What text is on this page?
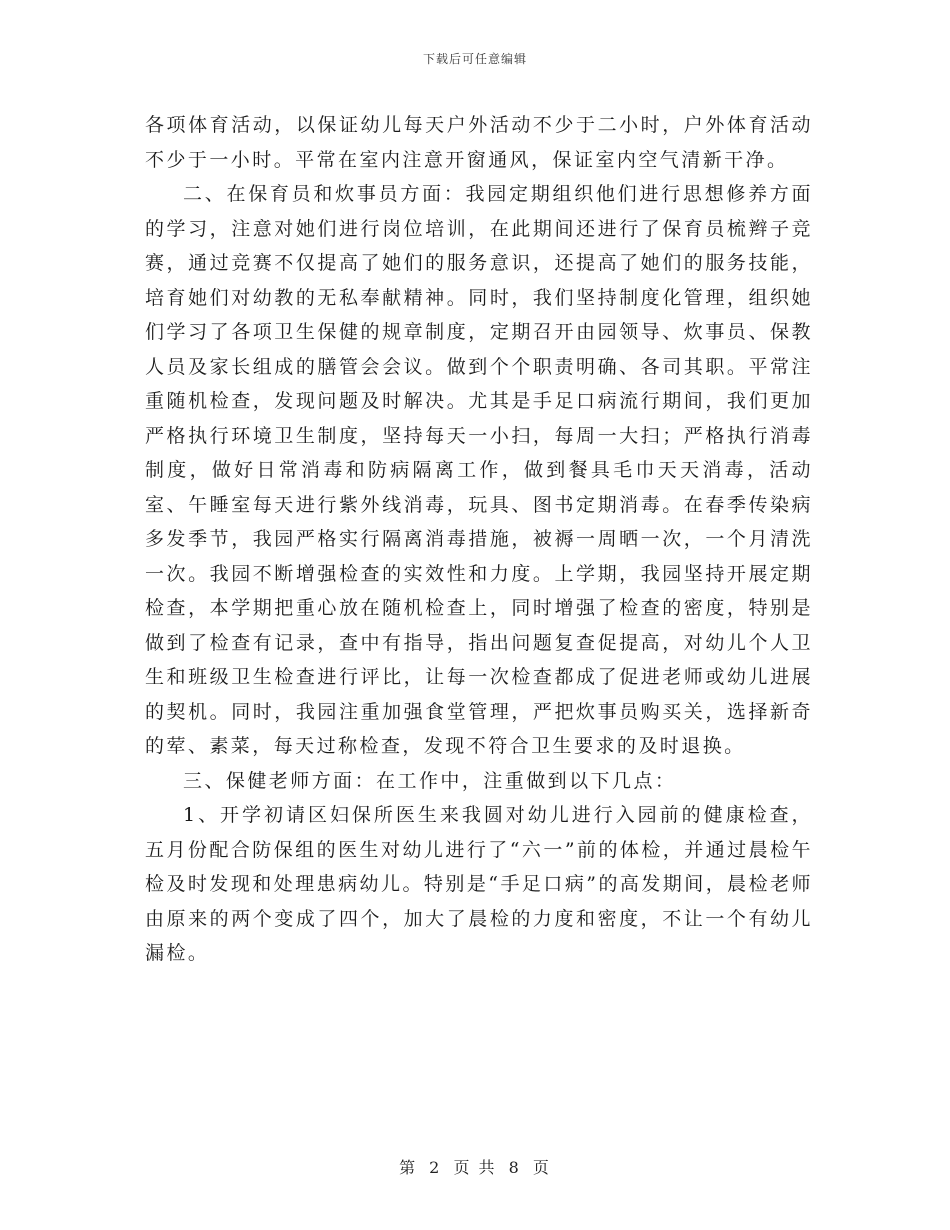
下载后可任意编辑

各项体育活动，以保证幼儿每天户外活动不少于二小时，户外体育活动不少于一小时。平常在室内注意开窗通风，保证室内空气清新干净。

二、在保育员和炊事员方面：我园定期组织他们进行思想修养方面的学习，注意对她们进行岗位培训，在此期间还进行了保育员梳辫子竞赛，通过竞赛不仅提高了她们的服务意识，还提高了她们的服务技能，培育她们对幼教的无私奉献精神。同时，我们坚持制度化管理，组织她们学习了各项卫生保健的规章制度，定期召开由园领导、炊事员、保教人员及家长组成的膳管会会议。做到个个职责明确、各司其职。平常注重随机检查，发现问题及时解决。尤其是手足口病流行期间，我们更加严格执行环境卫生制度，坚持每天一小扫，每周一大扫；严格执行消毒制度，做好日常消毒和防病隔离工作，做到餐具毛巾天天消毒，活动室、午睡室每天进行紫外线消毒，玩具、图书定期消毒。在春季传染病多发季节，我园严格实行隔离消毒措施，被褥一周晒一次，一个月清洗一次。我园不断增强检查的实效性和力度。上学期，我园坚持开展定期检查，本学期把重心放在随机检查上，同时增强了检查的密度，特别是做到了检查有记录，查中有指导，指出问题复查促提高，对幼儿个人卫生和班级卫生检查进行评比，让每一次检查都成了促进老师或幼儿进展的契机。同时，我园注重加强食堂管理，严把炊事员购买关，选择新奇的荤、素菜，每天过称检查，发现不符合卫生要求的及时退换。

三、保健老师方面：在工作中，注重做到以下几点：

1、开学初请区妇保所医生来我圆对幼儿进行入园前的健康检查，五月份配合防保组的医生对幼儿进行了“六一”前的体检，并通过晨检午检及时发现和处理患病幼儿。特别是“手足口病”的高发期间，晨检老师由原来的两个变成了四个，加大了晨检的力度和密度，不让一个有幼儿漏检。

第 2 页 共 8 页
